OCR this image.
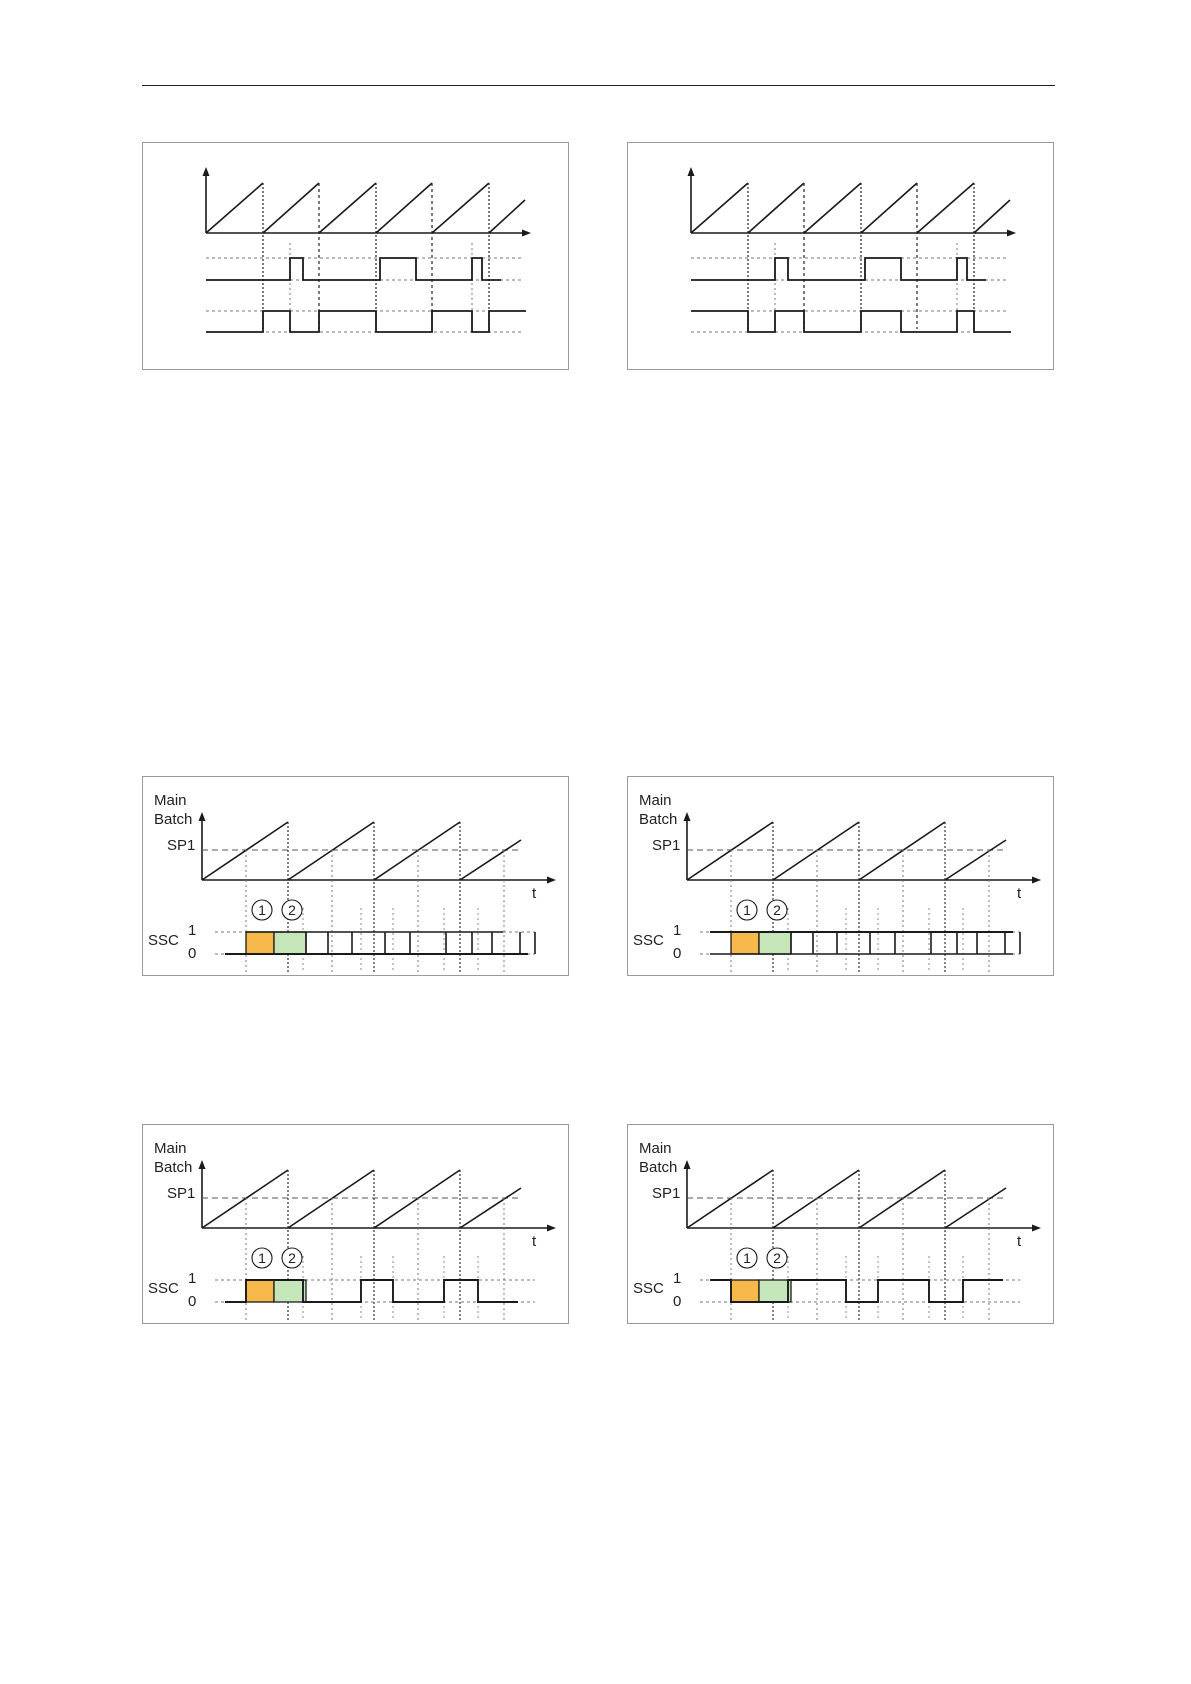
Main
Batch
SP1
t
SSC
1
0
1 2
Main
Batch
SP1
t
SSC
1
0
1 2
Main
Batch
SP1
t
SSC
1
0
1 2
Main
Batch
SP1
t
SSC
1
0
1 2
